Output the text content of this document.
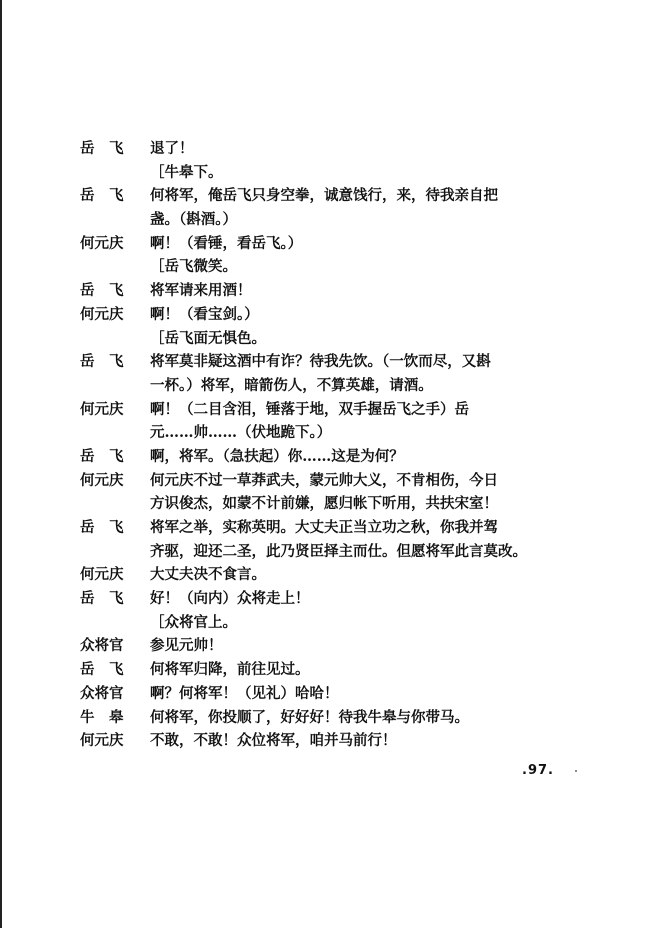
岳　飞	退了！
［牛皋下。
岳　飞	何将军，俺岳飞只身空拳，诚意饯行，来，待我亲自把
盏。（斟酒。）
何元庆	啊！（看锤，看岳飞。）
［岳飞微笑。
岳　飞	将军请来用酒！
何元庆	啊！（看宝剑。）
［岳飞面无惧色。
岳　飞	将军莫非疑这酒中有诈？待我先饮。（一饮而尽，又斟
一杯。）将军，暗箭伤人，不算英雄，请酒。
何元庆	啊！（二目含泪，锤落于地，双手握岳飞之手）岳
元……帅……（伏地跪下。）
岳　飞	啊，将军。（急扶起）你……这是为何？
何元庆	何元庆不过一草莽武夫，蒙元帅大义，不肯相伤，今日
方识俊杰，如蒙不计前嫌，愿归帐下听用，共扶宋室！
岳　飞	将军之举，实称英明。大丈夫正当立功之秋，你我并驾
齐驱，迎还二圣，此乃贤臣择主而仕。但愿将军此言莫改。
何元庆	大丈夫决不食言。
岳　飞	好！（向内）众将走上！
［众将官上。
众将官	参见元帅！
岳　飞	何将军归降，前往见过。
众将官	啊？何将军！（见礼）哈哈！
牛　皋	何将军，你投顺了，好好好！待我牛皋与你带马。
何元庆	不敢，不敢！众位将军，咱并马前行！
.97.
